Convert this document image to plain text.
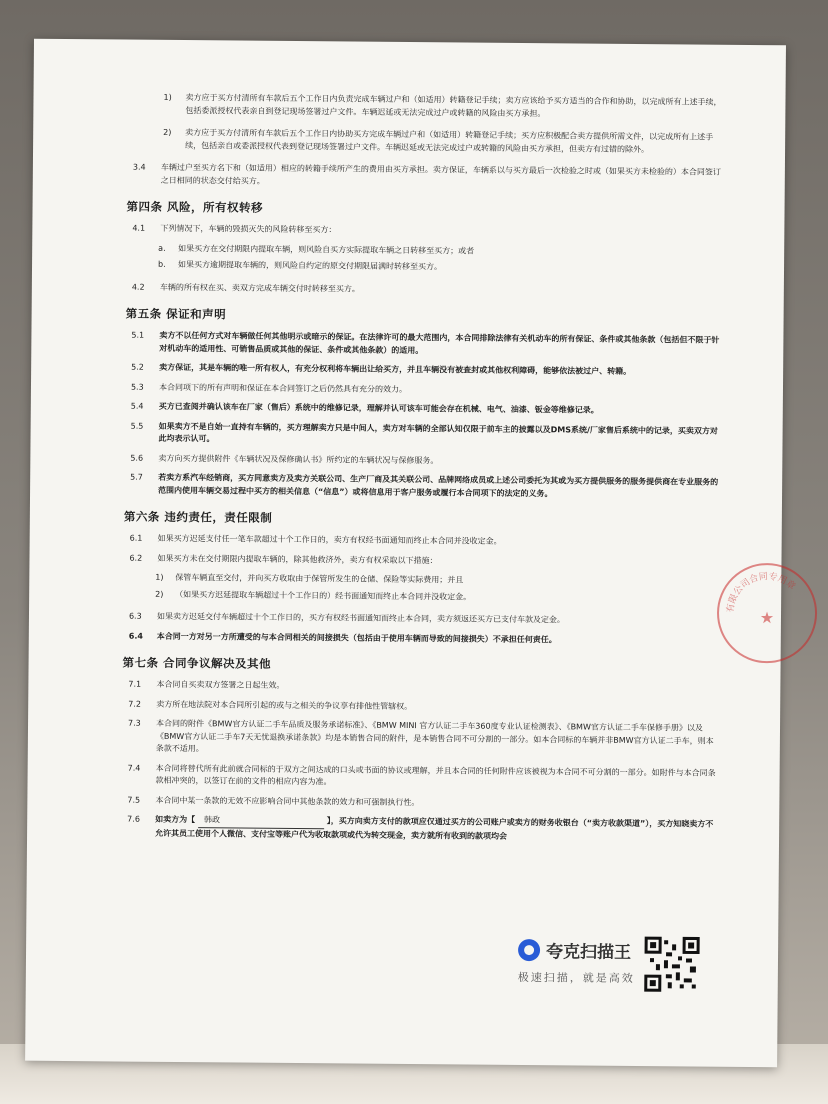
1)	卖方应于买方付清所有车款后五个工作日内负责完成车辆过户和（如适用）转籍登记手续；卖方应该给予买方适当的合作和协助，以完成所有上述手续，包括委派授权代表亲自到登记现场签署过户文件。车辆迟延或无法完成过户或转籍的风险由买方承担。
2)	卖方应于买方付清所有车款后五个工作日内协助买方完成车辆过户和（如适用）转籍登记手续；买方应积极配合卖方提供所需文件，以完成所有上述手续，包括亲自或委派授权代表到登记现场签署过户文件。车辆迟延或无法完成过户或转籍的风险由买方承担，但卖方有过错的除外。
3.4	车辆过户至买方名下和（如适用）相应的转籍手续所产生的费用由买方承担。卖方保证，车辆系以与买方最后一次检验之时或（如果买方未检验的）本合同签订之日相同的状态交付给买方。
第四条 风险，所有权转移
4.1	下列情况下，车辆的毁损灭失的风险转移至买方：
a.	如果买方在交付期限内提取车辆，则风险自买方实际提取车辆之日转移至买方；或者
b.	如果买方逾期提取车辆的，则风险自约定的原交付期限届满时转移至买方。
4.2	车辆的所有权在买、卖双方完成车辆交付时转移至买方。
第五条 保证和声明
5.1	卖方不以任何方式对车辆做任何其他明示或暗示的保证。在法律许可的最大范围内，本合同排除法律有关机动车的所有保证、条件或其他条款（包括但不限于针对机动车的适用性、可销售品质或其他的保证、条件或其他条款）的适用。
5.2	卖方保证，其是车辆的唯一所有权人，有充分权利将车辆出让给买方，并且车辆没有被查封或其他权利障碍，能够依法被过户、转籍。
5.3	本合同项下的所有声明和保证在本合同签订之后仍然具有充分的效力。
5.4	买方已查阅并确认该车在厂家（售后）系统中的维修记录，理解并认可该车可能会存在机械、电气、油漆、钣金等维修记录。
5.5	如果卖方不是自始一直持有车辆的，买方理解卖方只是中间人，卖方对车辆的全部认知仅限于前车主的披露以及DMS系统/厂家售后系统中的记录，买卖双方对此均表示认可。
5.6	卖方向买方提供附件《车辆状况及保修确认书》所约定的车辆状况与保修服务。
5.7	若卖方系汽车经销商，买方同意卖方及卖方关联公司、生产厂商及其关联公司、品牌网络成员或上述公司委托为其或为买方提供服务的服务提供商在专业服务的范围内使用车辆交易过程中买方的相关信息（“信息”）或将信息用于客户服务或履行本合同项下的法定的义务。
第六条 违约责任，责任限制
6.1	如果买方迟延支付任一笔车款超过十个工作日的，卖方有权经书面通知而终止本合同并没收定金。
6.2	如果买方未在交付期限内提取车辆的，除其他救济外，卖方有权采取以下措施：
1)	保管车辆直至交付，并向买方收取由于保管所发生的仓储、保险等实际费用；并且
2)	（如果买方迟延提取车辆超过十个工作日的）经书面通知而终止本合同并没收定金。
6.3	如果卖方迟延交付车辆超过十个工作日的，买方有权经书面通知而终止本合同，卖方须返还买方已支付车款及定金。
6.4	本合同一方对另一方所遭受的与本合同相关的间接损失（包括由于使用车辆而导致的间接损失）不承担任何责任。
第七条 合同争议解决及其他
7.1	本合同自买卖双方签署之日起生效。
7.2	卖方所在地法院对本合同所引起的或与之相关的争议享有排他性管辖权。
7.3	本合同的附件《BMW官方认证二手车品质及服务承诺标准》、《BMW MINI 官方认证二手车360度专业认证检测表》、《BMW官方认证二手车保修手册》以及《BMW官方认证二手车7天无忧退换承诺条款》均是本销售合同的附件，是本销售合同不可分割的一部分。如本合同标的车辆并非BMW官方认证二手车，则本条款不适用。
7.4	本合同将替代所有此前就合同标的于双方之间达成的口头或书面的协议或理解，并且本合同的任何附件应该被视为本合同不可分割的一部分。如附件与本合同条款相冲突的，以签订在前的文件的相应内容为准。
7.5	本合同中某一条款的无效不应影响合同中其他条款的效力和可强制执行性。
7.6	如卖方为【 韩政	】，买方向卖方支付的款项应仅通过买方的公司账户或卖方的财务收银台（“卖方收款渠道”），买方知晓卖方不允许其员工使用个人微信、支付宝等账户代为收取款项或代为转交现金，卖方就所有收到的款项均会
有限公司合同专用章
★
夸克扫描王
极速扫描，就是高效
